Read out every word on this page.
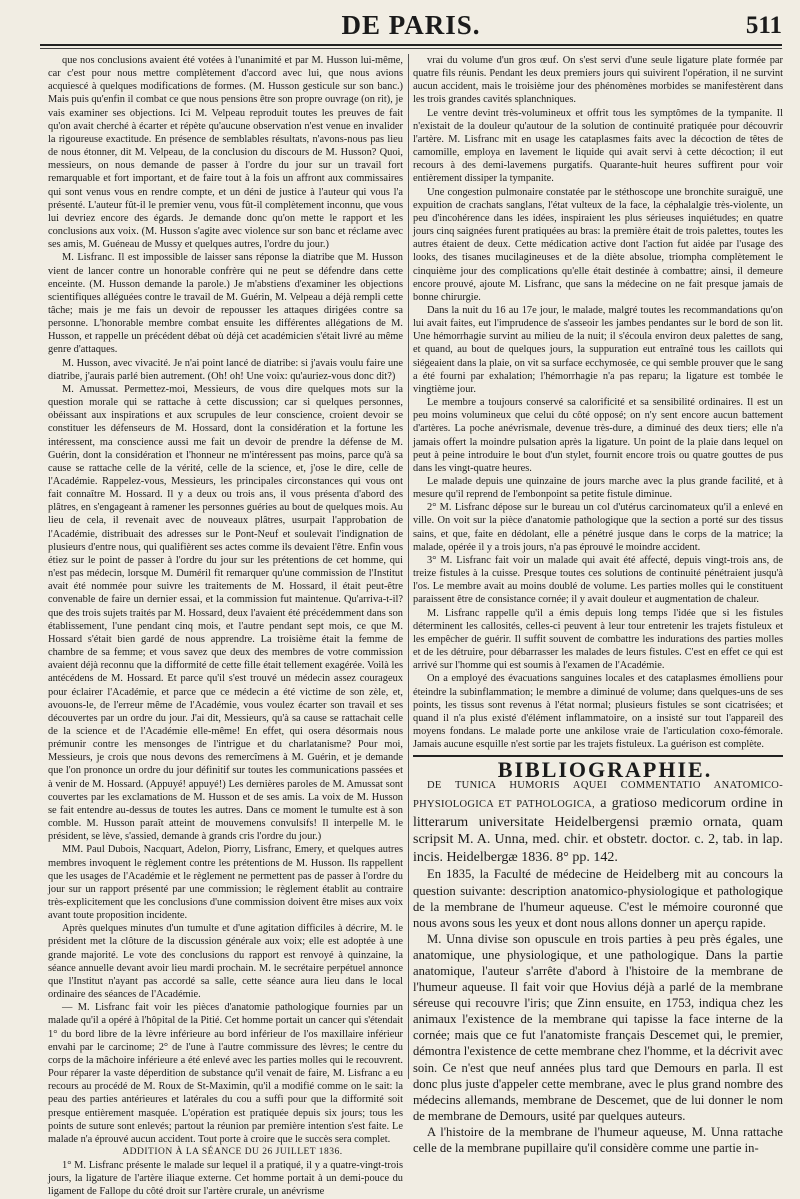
DE PARIS.	511

que nos conclusions avaient été votées à l'unanimité et par M. Husson lui-même, car c'est pour nous mettre complètement d'accord avec lui, que nous avions acquiescé à quelques modifications de formes. (M. Husson gesticule sur son banc.) Mais puis qu'enfin il combat ce que nous pensions être son propre ouvrage (on rit), je vais examiner ses objections. Ici M. Velpeau reproduit toutes les preuves de fait qu'on avait cherché à écarter et répète qu'aucune observation n'est venue en invalider la rigoureuse exactitude. En présence de semblables résultats, n'avons-nous pas lieu de nous étonner, dit M. Velpeau, de la conclusion du discours de M. Husson? Quoi, messieurs, on nous demande de passer à l'ordre du jour sur un travail fort remarquable et fort important, et de faire tout à la fois un affront aux commissaires qui sont venus vous en rendre compte, et un déni de justice à l'auteur qui vous l'a présenté. L'auteur fût-il le premier venu, vous fût-il complètement inconnu, que vous lui devriez encore des égards. Je demande donc qu'on mette le rapport et les conclusions aux voix. (M. Husson s'agite avec violence sur son banc et réclame avec ses amis, M. Guéneau de Mussy et quelques autres, l'ordre du jour.)

M. Lisfranc. Il est impossible de laisser sans réponse la diatribe que M. Husson vient de lancer contre un honorable confrère qui ne peut se défendre dans cette enceinte. (M. Husson demande la parole.) Je m'abstiens d'examiner les objections scientifiques alléguées contre le travail de M. Guérin, M. Velpeau a déjà rempli cette tâche; mais je me fais un devoir de repousser les attaques dirigées contre sa personne. L'honorable membre combat ensuite les différentes allégations de M. Husson, et rappelle un précédent débat où déjà cet académicien s'était livré au même genre d'attaques.

M. Husson, avec vivacité. Je n'ai point lancé de diatribe: si j'avais voulu faire une diatribe, j'aurais parlé bien autrement. (Oh! oh! Une voix: qu'auriez-vous donc dit?)

M. Amussat. Permettez-moi, Messieurs, de vous dire quelques mots sur la question morale qui se rattache à cette discussion; car si quelques personnes, obéissant aux inspirations et aux scrupules de leur conscience, croient devoir se constituer les défenseurs de M. Hossard, dont la considération et la fortune les intéressent, ma conscience aussi me fait un devoir de prendre la défense de M. Guérin, dont la considération et l'honneur ne m'intéressent pas moins, parce qu'à sa cause se rattache celle de la vérité, celle de la science, et, j'ose le dire, celle de l'Académie. Rappelez-vous, Messieurs, les principales circonstances qui vous ont fait connaître M. Hossard. Il y a deux ou trois ans, il vous présenta d'abord des plâtres, en s'engageant à ramener les personnes guéries au bout de quelques mois. Au lieu de cela, il revenait avec de nouveaux plâtres, usurpait l'approbation de l'Académie, distribuait des adresses sur le Pont-Neuf et soulevait l'indignation de plusieurs d'entre nous, qui qualifièrent ses actes comme ils devaient l'être. Enfin vous étiez sur le point de passer à l'ordre du jour sur les prétentions de cet homme, qui n'est pas médecin, lorsque M. Duméril fit remarquer qu'une commission de l'Institut avait été nommée pour suivre les traitements de M. Hossard, il était peut-être convenable de faire un dernier essai, et la commission fut maintenue. Qu'arriva-t-il? que des trois sujets traités par M. Hossard, deux l'avaient été précédemment dans son établissement, l'une pendant cinq mois, et l'autre pendant sept mois, ce que M. Hossard s'était bien gardé de nous apprendre. La troisième était la femme de chambre de sa femme; et vous savez que deux des membres de votre commission avaient déjà reconnu que la difformité de cette fille était tellement exagérée. Voilà les antécédens de M. Hossard. Et parce qu'il s'est trouvé un médecin assez courageux pour éclairer l'Académie, et parce que ce médecin a été victime de son zèle, et, avouons-le, de l'erreur même de l'Académie, vous voulez écarter son travail et ses découvertes par un ordre du jour. J'ai dit, Messieurs, qu'à sa cause se rattachait celle de la science et de l'Académie elle-même! En effet, qui osera désormais nous prémunir contre les mensonges de l'intrigue et du charlatanisme? Pour moi, Messieurs, je crois que nous devons des remercîmens à M. Guérin, et je demande que l'on prononce un ordre du jour définitif sur toutes les communications passées et à venir de M. Hossard. (Appuyé! appuyé!) Les dernières paroles de M. Amussat sont couvertes par les exclamations de M. Husson et de ses amis. La voix de M. Husson se fait entendre au-dessus de toutes les autres. Dans ce moment le tumulte est à son comble. M. Husson paraît atteint de mouvemens convulsifs! Il interpelle M. le président, se lève, s'assied, demande à grands cris l'ordre du jour.)

MM. Paul Dubois, Nacquart, Adelon, Piorry, Lisfranc, Emery, et quelques autres membres invoquent le règlement contre les prétentions de M. Husson. Ils rappellent que les usages de l'Académie et le règlement ne permettent pas de passer à l'ordre du jour sur un rapport présenté par une commission; le règlement établit au contraire très-explicitement que les conclusions d'une commission doivent être mises aux voix avant toute proposition incidente.

Après quelques minutes d'un tumulte et d'une agitation difficiles à décrire, M. le président met la clôture de la discussion générale aux voix; elle est adoptée à une grande majorité. Le vote des conclusions du rapport est renvoyé à quinzaine, la séance annuelle devant avoir lieu mardi prochain. M. le secrétaire perpétuel annonce que l'Institut n'ayant pas accordé sa salle, cette séance aura lieu dans le local ordinaire des séances de l'Académie.

— M. Lisfranc fait voir les pièces d'anatomie pathologique fournies par un malade qu'il a opéré à l'hôpital de la Pitié. Cet homme portait un cancer qui s'étendait 1° du bord libre de la lèvre inférieure au bord inférieur de l'os maxillaire inférieur envahi par le carcinome; 2° de l'une à l'autre commissure des lèvres; le centre du corps de la mâchoire inférieure a été enlevé avec les parties molles qui le recouvrent. Pour réparer la vaste déperdition de substance qu'il venait de faire, M. Lisfranc a eu recours au procédé de M. Roux de St-Maximin, qu'il a modifié comme on le sait: la peau des parties antérieures et latérales du cou a suffi pour que la difformité soit presque entièrement masquée. L'opération est pratiquée depuis six jours; tous les points de suture sont enlevés; partout la réunion par première intention s'est faite. Le malade n'a éprouvé aucun accident. Tout porte à croire que le succès sera complet.

ADDITION À LA SÉANCE DU 26 JUILLET 1836.

1° M. Lisfranc présente le malade sur lequel il a pratiqué, il y a quatre-vingt-trois jours, la ligature de l'artère iliaque externe. Cet homme portait à un demi-pouce du ligament de Fallope du côté droit sur l'artère crurale, un anévrisme

vrai du volume d'un gros œuf. On s'est servi d'une seule ligature plate formée par quatre fils réunis. Pendant les deux premiers jours qui suivirent l'opération, il ne survint aucun accident, mais le troisième jour des phénomènes morbides se manifestèrent dans les trois grandes cavités splanchniques.

Le ventre devint très-volumineux et offrit tous les symptômes de la tympanite. Il n'existait de la douleur qu'autour de la solution de continuité pratiquée pour découvrir l'artère. M. Lisfranc mit en usage les cataplasmes faits avec la décoction de têtes de camomille, employa en lavement le liquide qui avait servi à cette décoction; il eut recours à des demi-lavemens purgatifs. Quarante-huit heures suffirent pour voir entièrement dissiper la tympanite.

Une congestion pulmonaire constatée par le stéthoscope une bronchite suraiguë, une expuition de crachats sanglans, l'état vulteux de la face, la céphalalgie très-violente, un peu d'incohérence dans les idées, inspiraient les plus sérieuses inquiétudes; en quatre jours cinq saignées furent pratiquées au bras: la première était de trois palettes, toutes les autres étaient de deux. Cette médication active dont l'action fut aidée par l'usage des looks, des tisanes mucilagineuses et de la diète absolue, triompha complètement le cinquième jour des complications qu'elle était destinée à combattre; ainsi, il demeure encore prouvé, ajoute M. Lisfranc, que sans la médecine on ne fait presque jamais de bonne chirurgie.

Dans la nuit du 16 au 17e jour, le malade, malgré toutes les recommandations qu'on lui avait faites, eut l'imprudence de s'asseoir les jambes pendantes sur le bord de son lit. Une hémorrhagie survint au milieu de la nuit; il s'écoula environ deux palettes de sang, et quand, au bout de quelques jours, la suppuration eut entraîné tous les caillots qui siégeaient dans la plaie, on vit sa surface ecchymosée, ce qui semble prouver que le sang a été fourni par exhalation; l'hémorrhagie n'a pas reparu; la ligature est tombée le vingtième jour.

Le membre a toujours conservé sa calorificité et sa sensibilité ordinaires. Il est un peu moins volumineux que celui du côté opposé; on n'y sent encore aucun battement d'artères. La poche anévrismale, devenue très-dure, a diminué des deux tiers; elle n'a jamais offert la moindre pulsation après la ligature. Un point de la plaie dans lequel on peut à peine introduire le bout d'un stylet, fournit encore trois ou quatre gouttes de pus dans les vingt-quatre heures.

Le malade depuis une quinzaine de jours marche avec la plus grande facilité, et à mesure qu'il reprend de l'embonpoint sa petite fistule diminue.

2° M. Lisfranc dépose sur le bureau un col d'utérus carcinomateux qu'il a enlevé en ville. On voit sur la pièce d'anatomie pathologique que la section a porté sur des tissus sains, et que, faite en dédolant, elle a pénétré jusque dans le corps de la matrice; la malade, opérée il y a trois jours, n'a pas éprouvé le moindre accident.

3° M. Lisfranc fait voir un malade qui avait été affecté, depuis vingt-trois ans, de treize fistules à la cuisse. Presque toutes ces solutions de continuité pénétraient jusqu'à l'os. Le membre avait au moins doublé de volume. Les parties molles qui le constituent paraissent être de consistance cornée; il y avait douleur et augmentation de chaleur.

M. Lisfranc rappelle qu'il a émis depuis long temps l'idée que si les fistules déterminent les callosités, celles-ci peuvent à leur tour entretenir les trajets fistuleux et les empêcher de guérir. Il suffit souvent de combattre les indurations des parties molles et de les détruire, pour débarrasser les malades de leurs fistules. C'est en effet ce qui est arrivé sur l'homme qui est soumis à l'examen de l'Académie.

On a employé des évacuations sanguines locales et des cataplasmes émolliens pour éteindre la subinflammation; le membre a diminué de volume; dans quelques-uns de ses points, les tissus sont revenus à l'état normal; plusieurs fistules se sont cicatrisées; et quand il n'a plus existé d'élément inflammatoire, on a insisté sur tout l'appareil des moyens fondans. Le malade porte une ankilose vraie de l'articulation coxo-fémorale. Jamais aucune esquille n'est sortie par les trajets fistuleux. La guérison est complète.

BIBLIOGRAPHIE.

DE TUNICA HUMORIS AQUEI COMMENTATIO ANATOMICO-PHYSIOLOGICA ET PATHOLOGICA, a gratioso medicorum ordine in litterarum universitate Heidelbergensi præmio ornata, quam scripsit M. A. Unna, med. chir. et obstetr. doctor. c. 2, tab. in lap. incis. Heidelbergæ 1836. 8° pp. 142.

En 1835, la Faculté de médecine de Heidelberg mit au concours la question suivante: description anatomico-physiologique et pathologique de la membrane de l'humeur aqueuse. C'est le mémoire couronné que nous avons sous les yeux et dont nous allons donner un aperçu rapide.

M. Unna divise son opuscule en trois parties à peu près égales, une anatomique, une physiologique, et une pathologique. Dans la partie anatomique, l'auteur s'arrête d'abord à l'histoire de la membrane de l'humeur aqueuse. Il fait voir que Hovius déjà a parlé de la membrane séreuse qui recouvre l'iris; que Zinn ensuite, en 1753, indiqua chez les animaux l'existence de la membrane qui tapisse la face interne de la cornée; mais que ce fut l'anatomiste français Descemet qui, le premier, démontra l'existence de cette membrane chez l'homme, et la décrivit avec soin. Ce n'est que neuf années plus tard que Demours en parla. Il est donc plus juste d'appeler cette membrane, avec le plus grand nombre des médecins allemands, membrane de Descemet, que de lui donner le nom de membrane de Demours, usité par quelques auteurs.

A l'histoire de la membrane de l'humeur aqueuse, M. Unna rattache celle de la membrane pupillaire qu'il considère comme une partie in-
